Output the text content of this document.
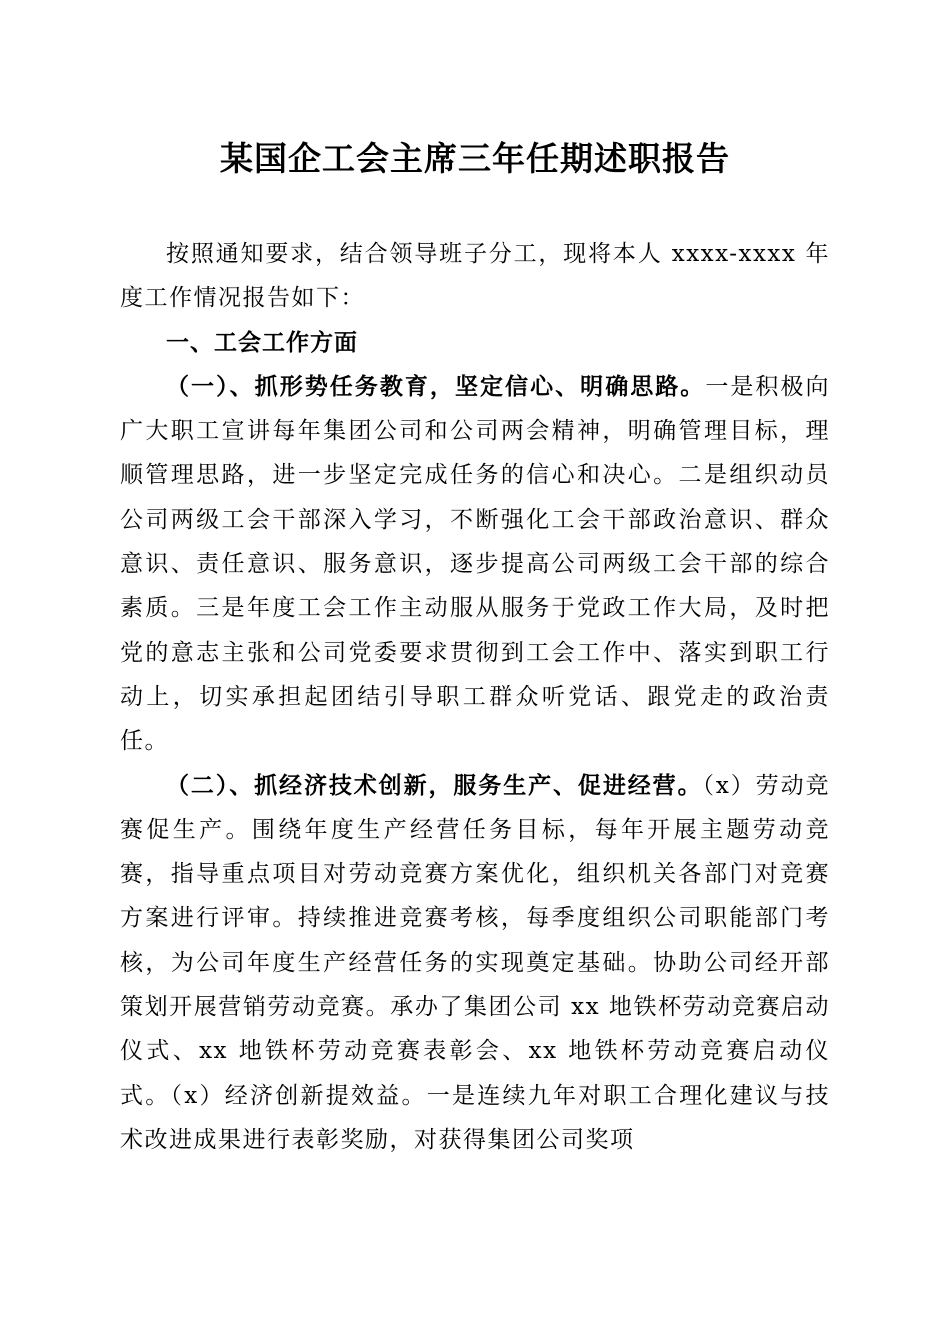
某国企工会主席三年任期述职报告

按照通知要求，结合领导班子分工，现将本人 xxxx-xxxx 年度工作情况报告如下：

一、工会工作方面

（一）、抓形势任务教育，坚定信心、明确思路。一是积极向广大职工宣讲每年集团公司和公司两会精神，明确管理目标，理顺管理思路，进一步坚定完成任务的信心和决心。二是组织动员公司两级工会干部深入学习，不断强化工会干部政治意识、群众意识、责任意识、服务意识，逐步提高公司两级工会干部的综合素质。三是年度工会工作主动服从服务于党政工作大局，及时把党的意志主张和公司党委要求贯彻到工会工作中、落实到职工行动上，切实承担起团结引导职工群众听党话、跟党走的政治责任。

（二）、抓经济技术创新，服务生产、促进经营。（x）劳动竞赛促生产。围绕年度生产经营任务目标，每年开展主题劳动竞赛，指导重点项目对劳动竞赛方案优化，组织机关各部门对竞赛方案进行评审。持续推进竞赛考核，每季度组织公司职能部门考核，为公司年度生产经营任务的实现奠定基础。协助公司经开部策划开展营销劳动竞赛。承办了集团公司 xx 地铁杯劳动竞赛启动仪式、xx 地铁杯劳动竞赛表彰会、xx 地铁杯劳动竞赛启动仪式。（x）经济创新提效益。一是连续九年对职工合理化建议与技术改进成果进行表彰奖励，对获得集团公司奖项
